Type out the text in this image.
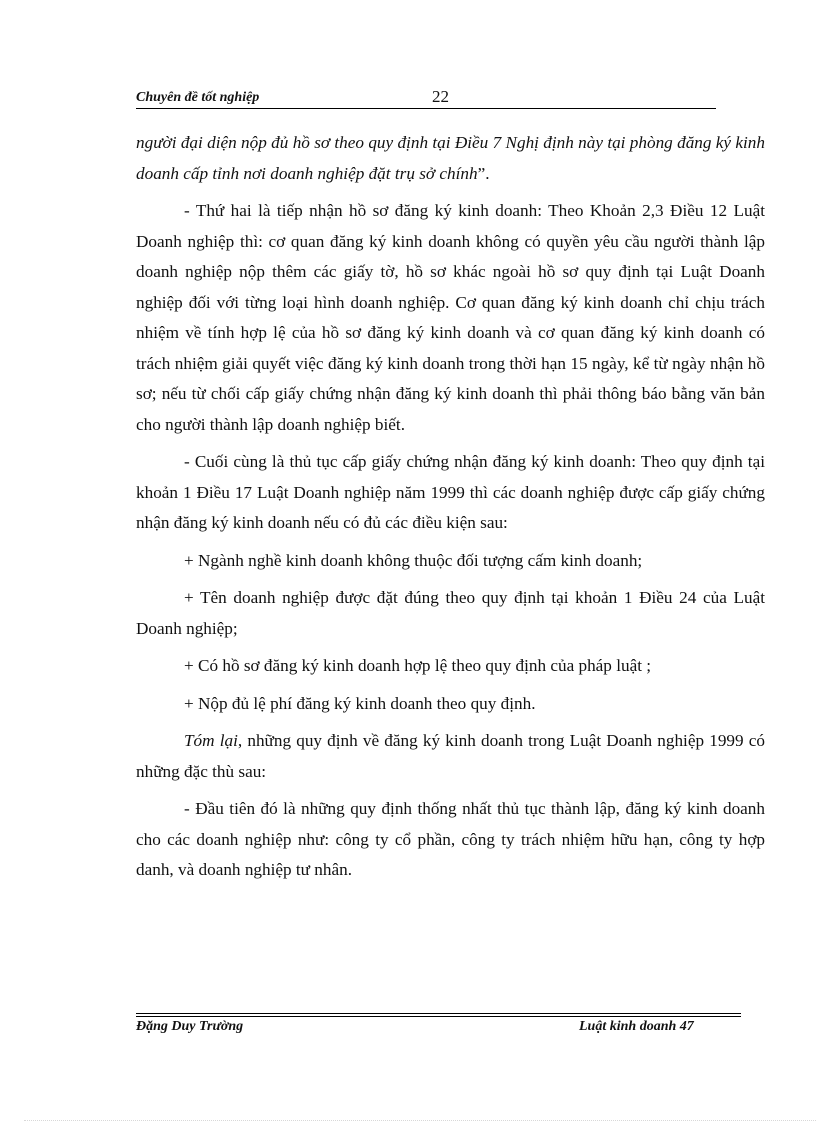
Chuyên đề tốt nghiệp	22

người đại diện nộp đủ hồ sơ theo quy định tại Điều 7 Nghị định này tại phòng đăng ký kinh doanh cấp tỉnh nơi doanh nghiệp đặt trụ sở chính”.

- Thứ hai là tiếp nhận hồ sơ đăng ký kinh doanh: Theo Khoản 2,3 Điều 12 Luật Doanh nghiệp thì: cơ quan đăng ký kinh doanh không có quyền yêu cầu người thành lập doanh nghiệp nộp thêm các giấy tờ, hồ sơ khác ngoài hồ sơ quy định tại Luật Doanh nghiệp đối với từng loại hình doanh nghiệp. Cơ quan đăng ký kinh doanh chỉ chịu trách nhiệm về tính hợp lệ của hồ sơ đăng ký kinh doanh và cơ quan đăng ký kinh doanh có trách nhiệm giải quyết việc đăng ký kinh doanh trong thời hạn 15 ngày, kể từ ngày nhận hồ sơ; nếu từ chối cấp giấy chứng nhận đăng ký kinh doanh thì phải thông báo bằng văn bản cho người thành lập doanh nghiệp biết.

- Cuối cùng là thủ tục cấp giấy chứng nhận đăng ký kinh doanh: Theo quy định tại khoản 1 Điều 17 Luật Doanh nghiệp năm 1999 thì các doanh nghiệp được cấp giấy chứng nhận đăng ký kinh doanh nếu có đủ các điều kiện sau:

+ Ngành nghề kinh doanh không thuộc đối tượng cấm kinh doanh;

+ Tên doanh nghiệp được đặt đúng theo quy định tại khoản 1 Điều 24 của Luật Doanh nghiệp;

+ Có hồ sơ đăng ký kinh doanh hợp lệ theo quy định của pháp luật ;

+ Nộp đủ lệ phí đăng ký kinh doanh theo quy định.

Tóm lại, những quy định về đăng ký kinh doanh trong Luật Doanh nghiệp 1999 có những đặc thù sau:

- Đầu tiên đó là những quy định thống nhất thủ tục thành lập, đăng ký kinh doanh cho các doanh nghiệp như: công ty cổ phần, công ty trách nhiệm hữu hạn, công ty hợp danh, và doanh nghiệp tư nhân.

Đặng Duy Trường	Luật kinh doanh 47
